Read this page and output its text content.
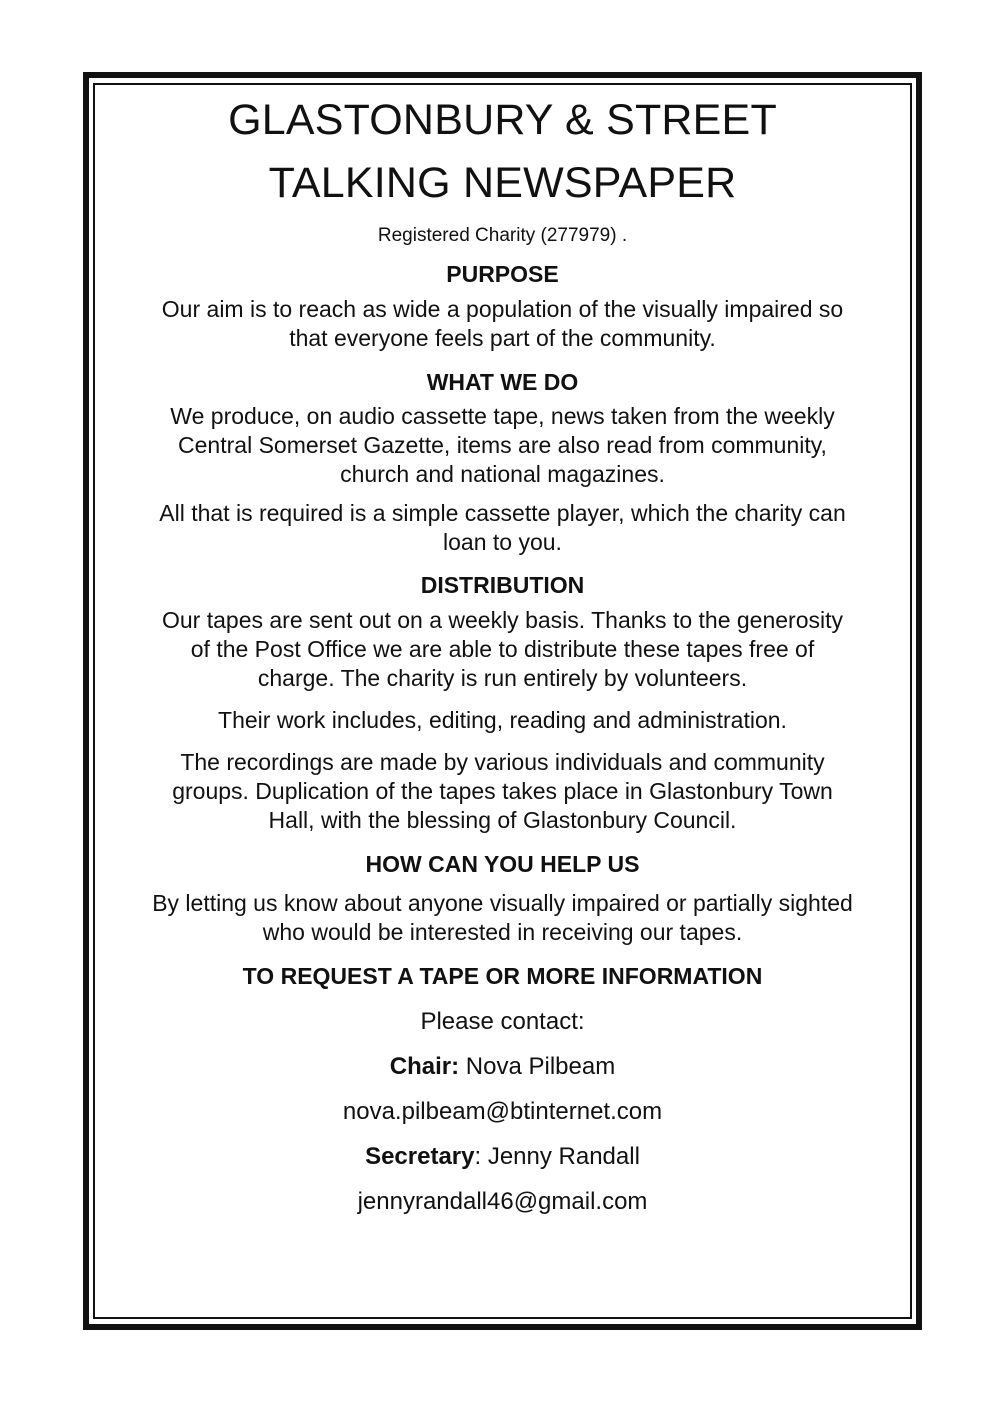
GLASTONBURY & STREET
TALKING NEWSPAPER

Registered Charity (277979) .

PURPOSE

Our aim is to reach as wide a population of the visually impaired so
that everyone feels part of the community.

WHAT WE DO

We produce, on audio cassette tape, news taken from the weekly
Central Somerset Gazette, items are also read from community,
church and national magazines.

All that is required is a simple cassette player, which the charity can
loan to you.

DISTRIBUTION

Our tapes are sent out on a weekly basis. Thanks to the generosity
of the Post Office we are able to distribute these tapes free of
charge. The charity is run entirely by volunteers.

Their work includes, editing, reading and administration.

The recordings are made by various individuals and community
groups. Duplication of the tapes takes place in Glastonbury Town
Hall, with the blessing of Glastonbury Council.

HOW CAN YOU HELP US

By letting us know about anyone visually impaired or partially sighted
who would be interested in receiving our tapes.

TO REQUEST A TAPE OR MORE INFORMATION

Please contact:

Chair: Nova Pilbeam

nova.pilbeam@btinternet.com

Secretary: Jenny Randall

jennyrandall46@gmail.com
